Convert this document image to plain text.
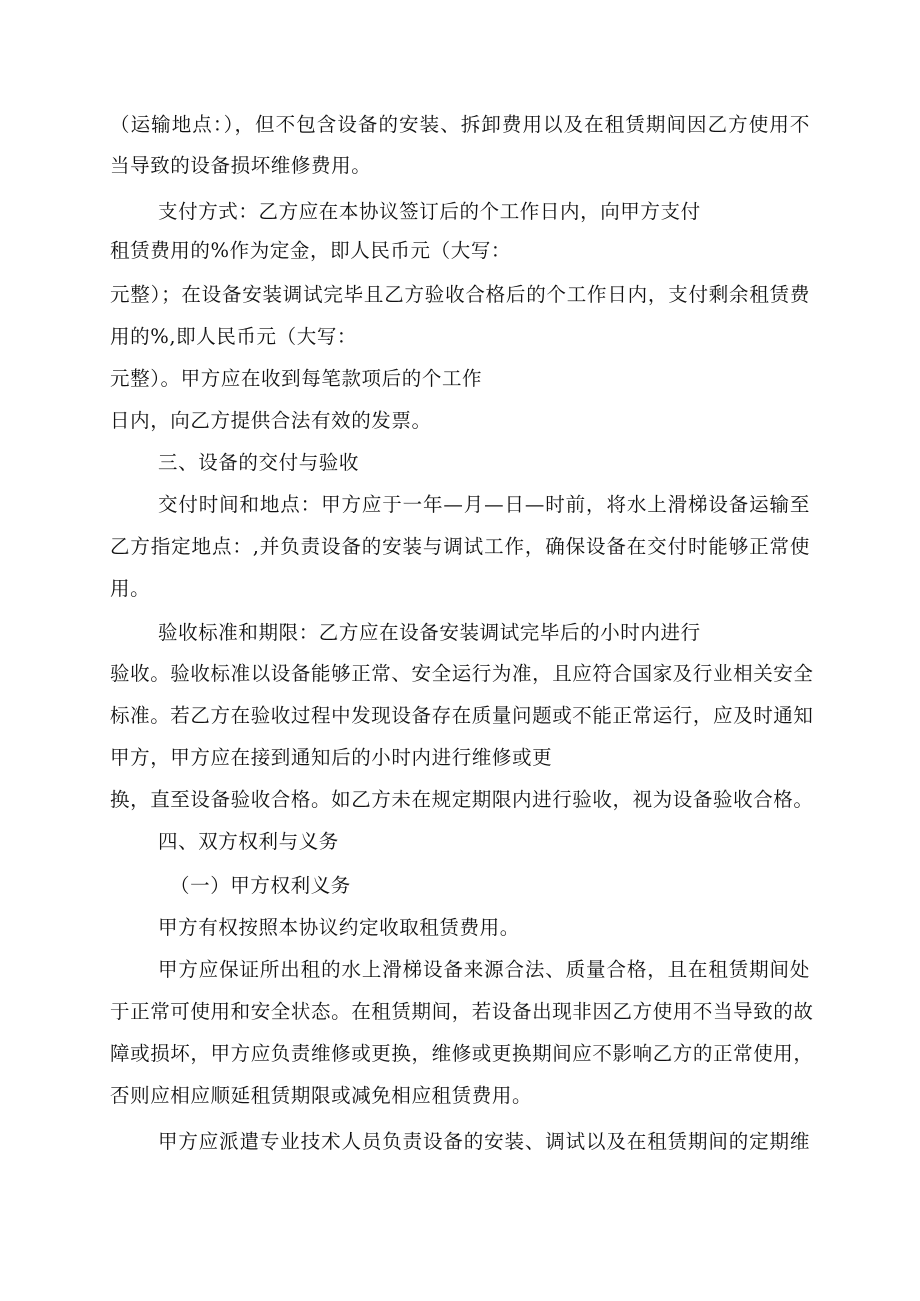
（运输地点：），但不包含设备的安装、拆卸费用以及在租赁期间因乙方使用不
当导致的设备损坏维修费用。
支付方式：乙方应在本协议签订后的个工作日内，向甲方支付
租赁费用的%作为定金，即人民币元（大写：
元整）；在设备安装调试完毕且乙方验收合格后的个工作日内，支付剩余租赁费
用的%,即人民币元（大写：
元整）。甲方应在收到每笔款项后的个工作
日内，向乙方提供合法有效的发票。
三、设备的交付与验收
交付时间和地点：甲方应于一年—月—日—时前，将水上滑梯设备运输至
乙方指定地点：,并负责设备的安装与调试工作，确保设备在交付时能够正常使
用。
验收标准和期限：乙方应在设备安装调试完毕后的小时内进行
验收。验收标准以设备能够正常、安全运行为准，且应符合国家及行业相关安全
标准。若乙方在验收过程中发现设备存在质量问题或不能正常运行，应及时通知
甲方，甲方应在接到通知后的小时内进行维修或更
换，直至设备验收合格。如乙方未在规定期限内进行验收，视为设备验收合格。
四、双方权利与义务
（一）甲方权利义务
甲方有权按照本协议约定收取租赁费用。
甲方应保证所出租的水上滑梯设备来源合法、质量合格，且在租赁期间处
于正常可使用和安全状态。在租赁期间，若设备出现非因乙方使用不当导致的故
障或损坏，甲方应负责维修或更换，维修或更换期间应不影响乙方的正常使用，
否则应相应顺延租赁期限或减免相应租赁费用。
甲方应派遣专业技术人员负责设备的安装、调试以及在租赁期间的定期维
